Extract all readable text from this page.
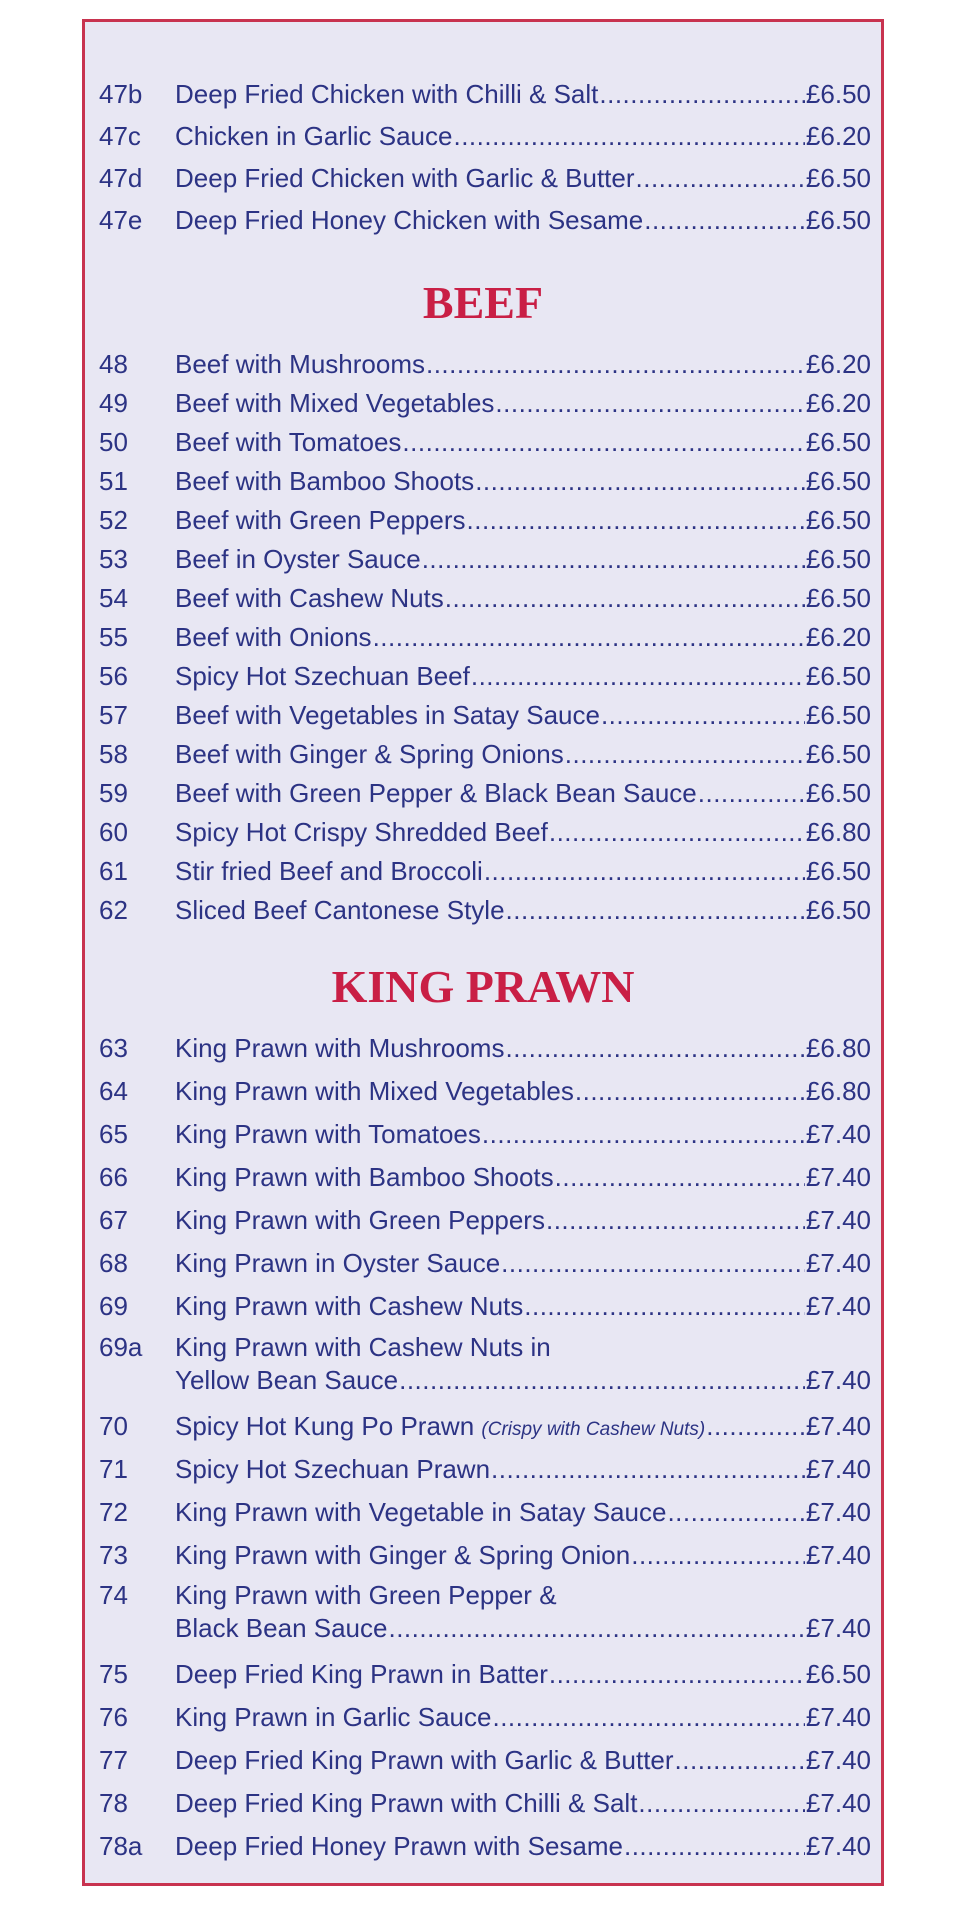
47b	Deep Fried Chicken with Chilli & Salt .....	£6.50
47c	Chicken in Garlic Sauce .....	£6.20
47d	Deep Fried Chicken with Garlic & Butter .....	£6.50
47e	Deep Fried Honey Chicken with Sesame .....	£6.50
BEEF
48	Beef with Mushrooms .....	£6.20
49	Beef with Mixed Vegetables .....	£6.20
50	Beef with Tomatoes .....	£6.50
51	Beef with Bamboo Shoots .....	£6.50
52	Beef with Green Peppers .....	£6.50
53	Beef in Oyster Sauce .....	£6.50
54	Beef with Cashew Nuts .....	£6.50
55	Beef with Onions .....	£6.20
56	Spicy Hot Szechuan Beef .....	£6.50
57	Beef with Vegetables in Satay Sauce .....	£6.50
58	Beef with Ginger & Spring Onions .....	£6.50
59	Beef with Green Pepper & Black Bean Sauce .....	£6.50
60	Spicy Hot Crispy Shredded Beef .....	£6.80
61	Stir fried Beef and Broccoli .....	£6.50
62	Sliced Beef Cantonese Style .....	£6.50
KING PRAWN
63	King Prawn with Mushrooms .....	£6.80
64	King Prawn with Mixed Vegetables .....	£6.80
65	King Prawn with Tomatoes .....	£7.40
66	King Prawn with Bamboo Shoots .....	£7.40
67	King Prawn with Green Peppers .....	£7.40
68	King Prawn in Oyster Sauce .....	£7.40
69	King Prawn with Cashew Nuts .....	£7.40
69a	King Prawn with Cashew Nuts in
Yellow Bean Sauce .....	£7.40
70	Spicy Hot Kung Po Prawn
(Crispy with Cashew Nuts) .....	£7.40
71	Spicy Hot Szechuan Prawn .....	£7.40
72	King Prawn with Vegetable in Satay Sauce .....	£7.40
73	King Prawn with Ginger & Spring Onion .....	£7.40
74	King Prawn with Green Pepper &
Black Bean Sauce .....	£7.40
75	Deep Fried King Prawn in Batter .....	£6.50
76	King Prawn in Garlic Sauce .....	£7.40
77	Deep Fried King Prawn with Garlic & Butter .....	£7.40
78	Deep Fried King Prawn with Chilli & Salt .....	£7.40
78a	Deep Fried Honey Prawn with Sesame .....	£7.40
